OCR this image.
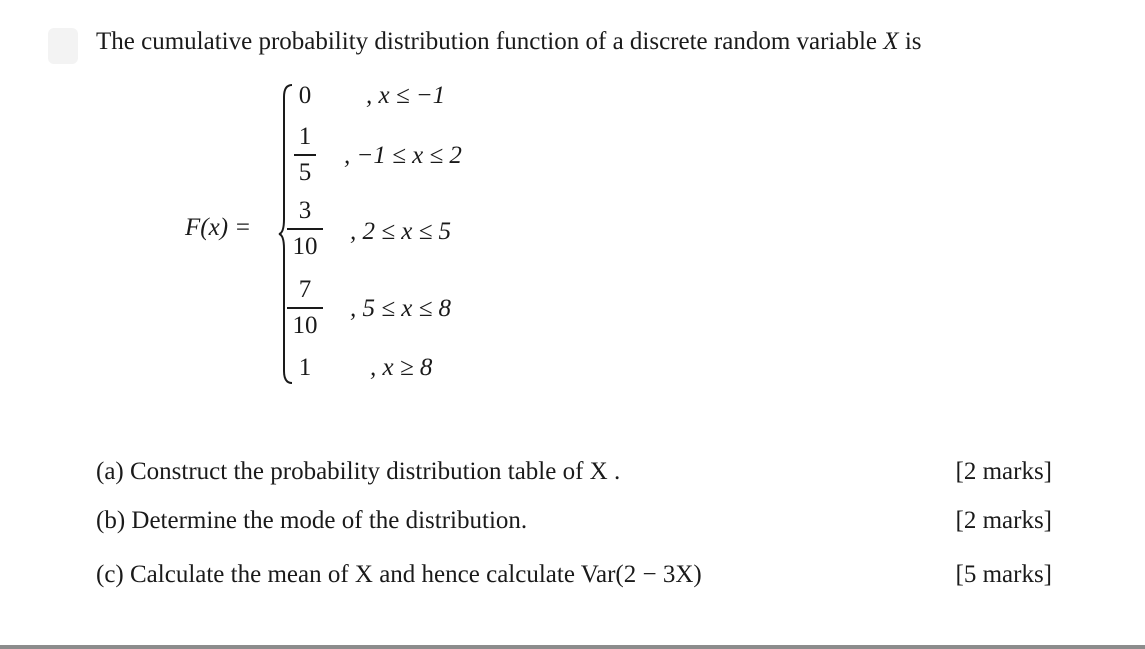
The cumulative probability distribution function of a discrete random variable X is
F(x) =
0	, x ≤ −1
1
5
, −1 ≤ x ≤ 2
3
10
, 2 ≤ x ≤ 5
7
10
, 5 ≤ x ≤ 8
1	, x ≥ 8
(a) Construct the probability distribution table of X .	[2 marks]
(b) Determine the mode of the distribution.	[2 marks]
(c) Calculate the mean of X and hence calculate Var(2 − 3X)	[5 marks]
